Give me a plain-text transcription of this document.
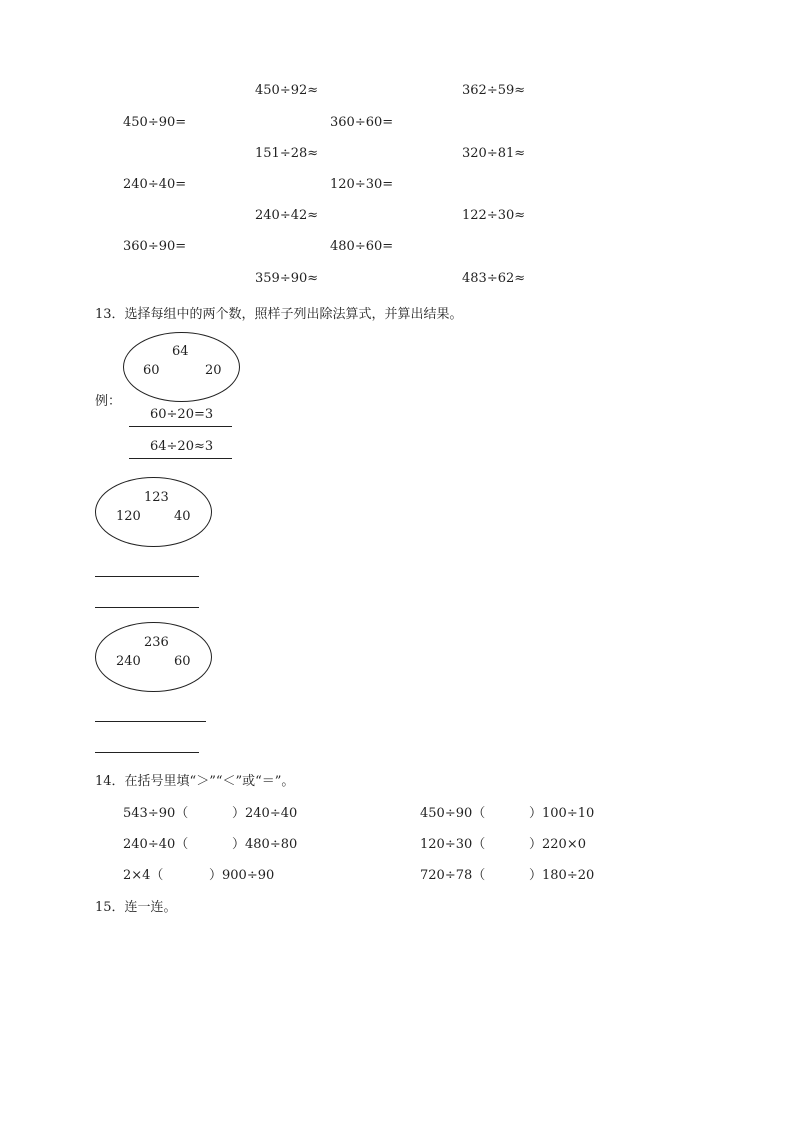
450÷92≈	362÷59≈
450÷90=	360÷60=
151÷28≈	320÷81≈
240÷40=	120÷30=
240÷42≈	122÷30≈
360÷90=	480÷60=
359÷90≈	483÷62≈
13．选择每组中的两个数，照样子列出除法算式，并算出结果。
64
60	20
例：
60÷20=3
64÷20≈3
123
120	40
236
240	60
14．在括号里填“＞”“＜”或“＝”。
543÷90（	）240÷40	450÷90（	）100÷10
240÷40（	）480÷80	120÷30（	）220×0
2×4（	）900÷90	720÷78（	）180÷20
15．连一连。
